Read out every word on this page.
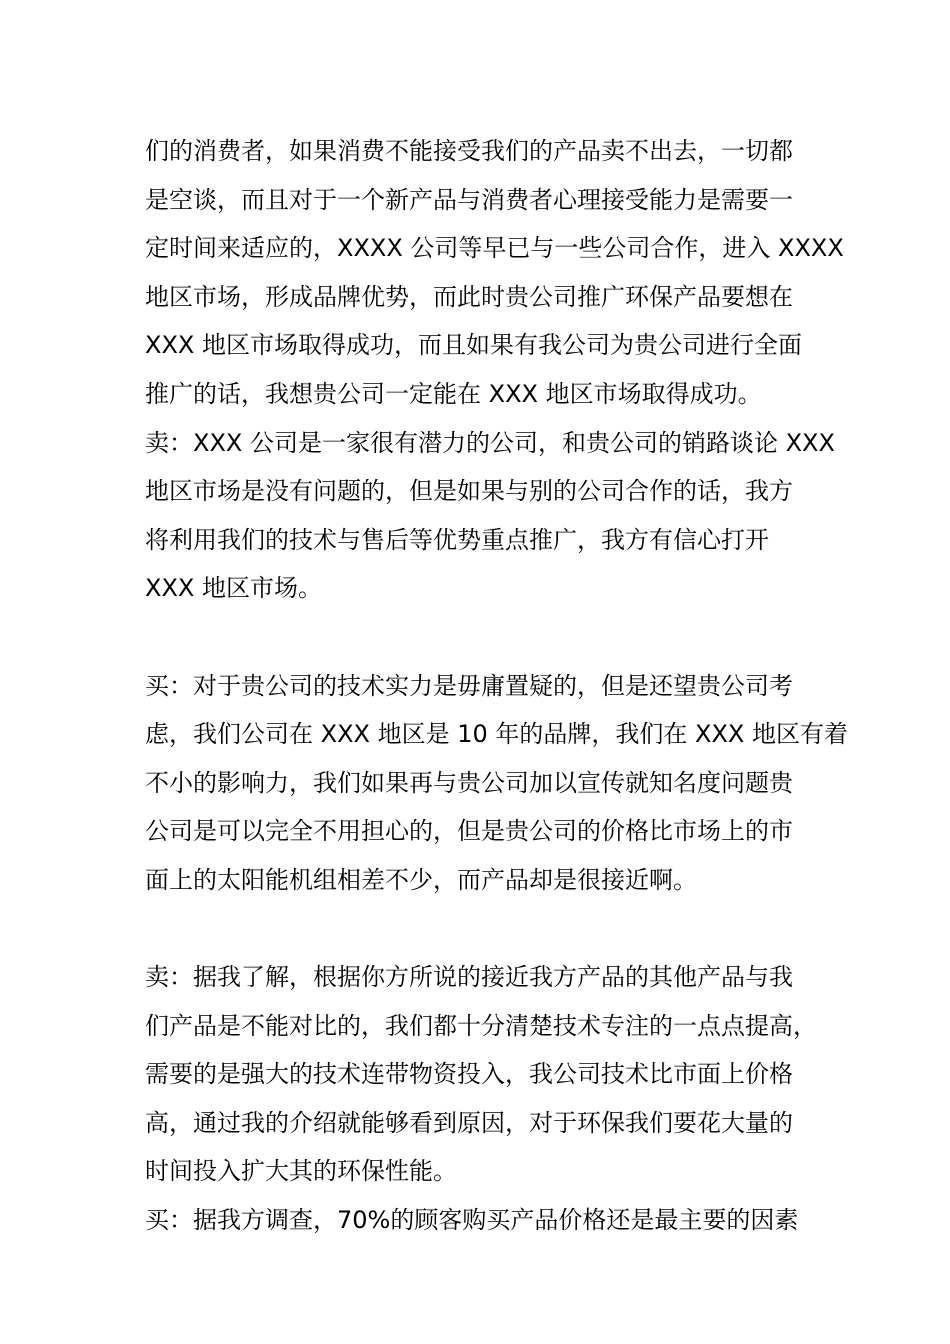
们的消费者，如果消费不能接受我们的产品卖不出去，一切都
是空谈，而且对于一个新产品与消费者心理接受能力是需要一
定时间来适应的，XXXX 公司等早已与一些公司合作，进入 XXXX
地区市场，形成品牌优势，而此时贵公司推广环保产品要想在
XXX 地区市场取得成功，而且如果有我公司为贵公司进行全面
推广的话，我想贵公司一定能在 XXX 地区市场取得成功。
卖：XXX 公司是一家很有潜力的公司，和贵公司的销路谈论 XXX
地区市场是没有问题的，但是如果与别的公司合作的话，我方
将利用我们的技术与售后等优势重点推广，我方有信心打开
XXX 地区市场。
买：对于贵公司的技术实力是毋庸置疑的，但是还望贵公司考
虑，我们公司在 XXX 地区是 10 年的品牌，我们在 XXX 地区有着
不小的影响力，我们如果再与贵公司加以宣传就知名度问题贵
公司是可以完全不用担心的，但是贵公司的价格比市场上的市
面上的太阳能机组相差不少，而产品却是很接近啊。
卖：据我了解，根据你方所说的接近我方产品的其他产品与我
们产品是不能对比的，我们都十分清楚技术专注的一点点提高，
需要的是强大的技术连带物资投入，我公司技术比市面上价格
高，通过我的介绍就能够看到原因，对于环保我们要花大量的
时间投入扩大其的环保性能。
买：据我方调查，70%的顾客购买产品价格还是最主要的因素
